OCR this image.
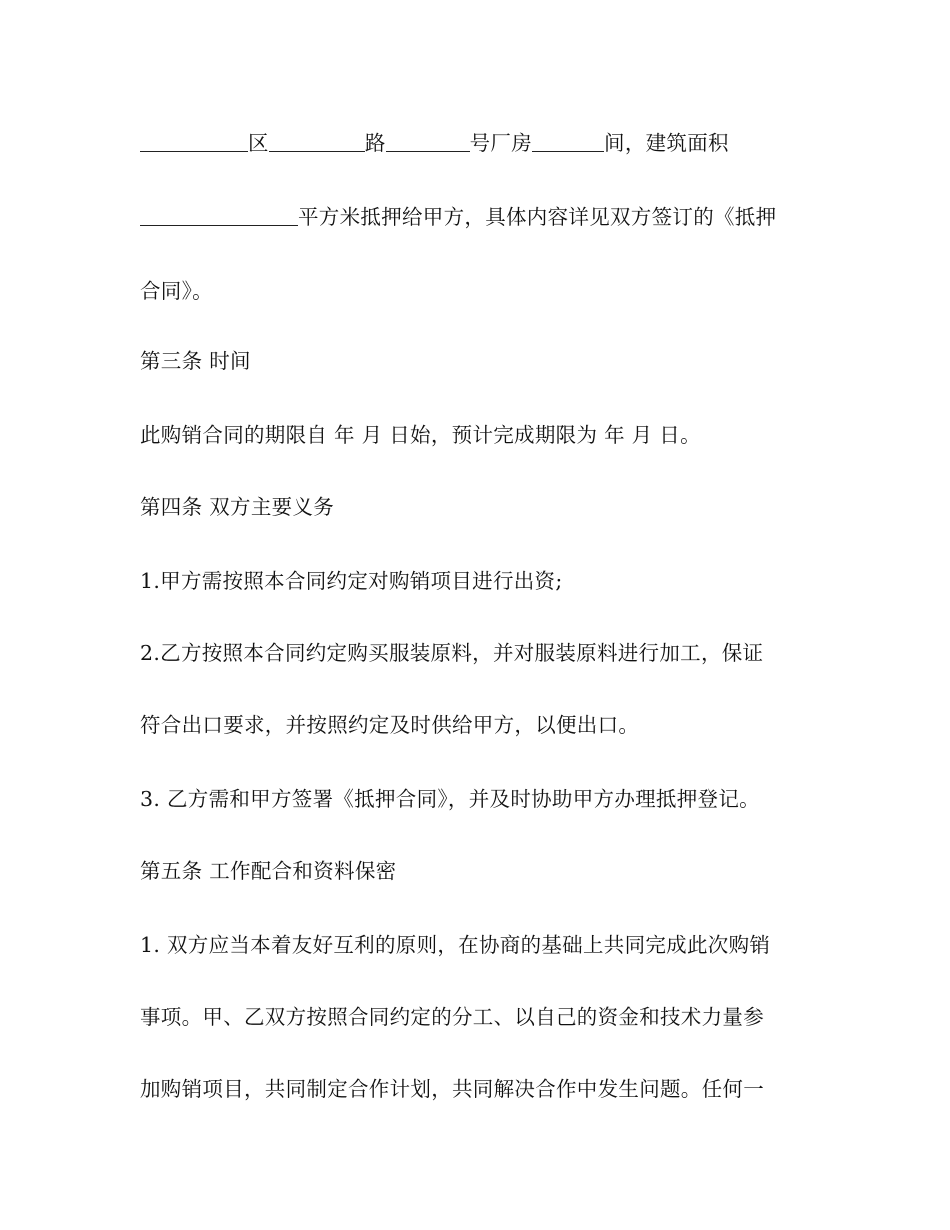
区	路	号厂房	间，建筑面积
平方米抵押给甲方，具体内容详见双方签订的《抵押
合同》。
第三条 时间
此购销合同的期限自 年 月 日始，预计完成期限为 年 月 日。
第四条 双方主要义务
1.甲方需按照本合同约定对购销项目进行出资;
2.乙方按照本合同约定购买服装原料，并对服装原料进行加工，保证
符合出口要求，并按照约定及时供给甲方，以便出口。
3. 乙方需和甲方签署《抵押合同》，并及时协助甲方办理抵押登记。
第五条 工作配合和资料保密
1. 双方应当本着友好互利的原则，在协商的基础上共同完成此次购销
事项。甲、乙双方按照合同约定的分工、以自己的资金和技术力量参
加购销项目，共同制定合作计划，共同解决合作中发生问题。任何一
